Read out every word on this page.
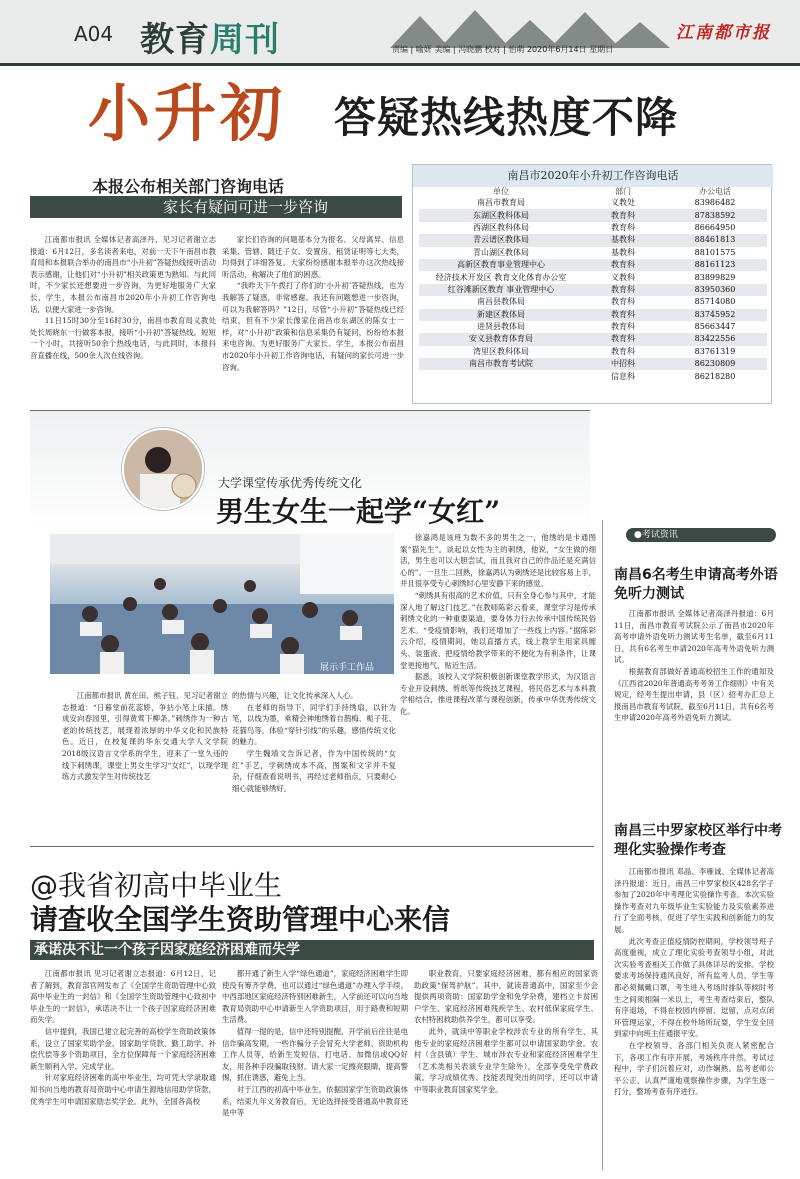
A04 教育周刊	责编 | 喻妍 美编 | 冯晓鹏 校对 | 怡萌 2020年6月14日 星期日
江南都市报
小升初 答疑热线热度不降
本报公布相关部门咨询电话
家长有疑问可进一步咨询

江南都市报讯 全媒体记者高泽丹、见习记者谢立志报道：6月12日，多名读者来电，对前一天下午南昌市教育局和本报联合举办的南昌市“小升初”答疑热线接听活动表示感谢，让他们对“小升初”相关政策更为熟知。与此同时，不少家长还想要进一步咨询，为更好地服务广大家长、学生，本报公布南昌市2020年小升初工作咨询电话，以便大家进一步咨询。

11日15时30分至16时30分，南昌市教育局义教处处长周晓东一行做客本报，接听“小升初”答疑热线。短短一个小时，共接听50余个热线电话，与此同时，本报抖音直播在线，500余人次在线咨询。

家长们咨询的问题基本分为报名、父母离异、信息采集、管辖、随迁子女、安置房、租赁证明等七大类，均得到了详细答复。大家纷纷感谢本报举办这次热线接听活动，称解决了他们的困惑。

“我昨天下午拨打了你们的‘小升初’答疑热线，也为我解答了疑惑，非常感谢。我还有问题想进一步咨询，可以为我解答吗？”12日，尽管“小升初”答疑热线已经结束，但有不少家长像家住南昌市东湖区的陈女士一样，对“小升初”政策和信息采集仍有疑问，纷纷给本报来电咨询。为更好服务广大家长、学生，本报公布南昌市2020年小升初工作咨询电话，有疑问的家长可进一步咨询。

南昌市2020年小升初工作咨询电话
单位	部门	办公电话
南昌市教育局	义教处	83986482
东湖区教科体局	教育科	87838592
西湖区教科体局	教育科	86664950
青云谱区教体局	基教科	88461813
青山湖区教体局	基教科	88101575
高新区教育事业管理中心	教育科	88161123
经济技术开发区 教育文化体育办公室	义教科	83899829
红谷滩新区教育 事业管理中心	教育科	83950360
南昌县教体局	教育科	85714080
新建区教体局	教育科	83745952
进贤县教体局	教育科	85663447
安义县教育体育局	教育科	83422556
湾里区教科体局	教育科	83761319
南昌市教育考试院	中招科	86230809
	信息科	86218280
大学课堂传承优秀传统文化
男生女生一起学“女红”
展示手工作品

徐嘉鸿是该班为数不多的男生之一，他绣的是卡通图案“猫先生”。谈起以女性为主的刺绣，他说，“女生做的细活，男生也可以大胆尝试，而且我对自己的作品还是充满信心的”。一旦生二回熟，徐嘉鸿认为刺绣还是比较容易上手，并且很享受专心刺绣时心里安静下来的感觉。

“刺绣具有很高的艺术价值，只有全身心参与其中，才能深入地了解这门技艺。”在教师陈彩云看来，课堂学习是传承刺绣文化的一种重要渠道，要身体力行去传承中国传统民俗艺术。“受疫情影响，我们还增加了一些线上内容。”据陈彩云介绍，疫情期间，她以直播方式，线上教学生用家具缠头、装蛋液、把疫情给教学带来的不便化为有利条件，让课堂更接地气、贴近生活。

据悉，该校人文学院积极创新课堂教学形式，为汉语言专业开设刺绣、剪纸等传统技艺课程，将民俗艺术与本科教学相结合，推进课程改革与课程创新，传承中华优秀传统文化。

江南都市报讯 黄在田、熊子钰、见习记者谢立志报道：“日暮堂前花蕊娇，争拈小笔上床描。绣成安向春园里，引得黄莺下柳条。”刺绣作为一种古老的传统技艺，展现着浓厚的中华文化和民族特色。近日，在校复课的华东交通大学人文学院2018级汉语言文学系的学生，迎来了一堂久违的线下刺绣课，课堂上男女生学习“女红”，以现学现练方式激发学生对传统技艺

的热情与兴趣，让文化传承深入人心。

在老师的指导下，同学们手持绣扇，以针为笔，以线为墨，乘精会神地绣着自鹊梅、栀子花、花猫鸟等，体验“穿针引线”的乐趣，感悟传统文化的魅力。

学生魏靖文告诉记者，作为中国传统的“女红”手艺，学刺绣成本不高，图案和文字并不复杂，仔细查看说明书，再经过老师指点，只要耐心细心就能够绣好。

●考试资讯
南昌6名考生申请高考外语免听力测试

江南都市报讯 全媒体记者高泽丹报道：6月11日，南昌市教育考试院公示了南昌市2020年高考申请外语免听力测试考生名单，截至6月11日，共有6名考生申请2020年高考外语免听力测试。

根据教育部做好普通高校招生工作的通知及《江西省2020年普通高考考务工作细则》中有关规定，经考生提出申请，县（区）招考办汇总上报南昌市教育考试院，截至6月11日，共有6名考生申请2020年高考外语免听力测试。

南昌三中罗家校区举行中考理化实验操作考查

江南都市报讯 邓晶、李雁诚、全媒体记者高泽丹报道：近日，南昌三中罗家校区428名学子参加了2020年中考理化实验操作考查。本次实验操作考查对九年级毕业生实验能力及实验素养进行了全面考核，促进了学生实践和创新能力的发展。

此次考查正值疫情防控期间，学校领导班子高度重视，成立了理化实验考查领导小组，对此次实验考查相关工作做了具体详尽的安排。学校要求考场保持通风良好，所有监考人员、学生等都必须佩戴口罩，考生进入考场时排队等候时考生之间须相隔一米以上，考生考查结束后，整队有序退场，不得在校园内停留、逗留，点对点闭环管理运家，不得在校外场所玩耍，学生安全回到家中向班主任通报平安。

在学校领导、各部门相关负责人紧密配合下，各项工作有序开展，考场秩序井然，考试过程中，学子们沉着应对，动作娴熟。监考老师公平公正、认真严谨地观察操作步骤，为学生逐一打分，整场考查有序进行。

@我省初高中毕业生
请查收全国学生资助管理中心来信
承诺决不让一个孩子因家庭经济困难而失学

江南都市报讯 见习记者谢立志报道：6月12日，记者了解到，教育部官网发布了《全国学生资助管理中心致高中毕业生的一封信》和《全国学生资助管理中心致初中毕业生的一封信》，承诺决不让一个孩子因家庭经济困难而失学。

信中提到，我国已建立起完善的高校学生资助政策体系，设立了国家奖助学金、国家助学贷款、勤工助学、补偿代偿等多个资助项目，全方位保障每一个家庭经济困难新生顺利入学、完成学业。

针对家庭经济困难的高中毕业生，均可凭大学录取通知书向当地的教育局资助中心申请生源地信用助学贷款，优秀学生可申请国家励志奖学金。此外，全国各高校

都开通了新生入学“绿色通道”，家庭经济困难学生即使没有筹齐学费，也可以通过“绿色通道”办理入学手续。中西部地区家庭经济特别困难新生，入学前还可以向当地教育局资助中心申请新生入学资助项目，用于路费和短期生活费。

值得一提的是，信中还特别提醒，开学前后往往是电信诈骗高发期，一些诈骗分子会冒充大学老师、资助机构工作人员等，给新生发短信、打电话、加微信或QQ好友，用各种手段骗取钱财。请大家一定擦亮眼睛，提高警惕，抓住诱惑，避免上当。

对于江西的初高中毕业生，依据国家学生资助政策体系，结束九年义务教育后，无论选择接受普通高中教育还是中等

职业教育，只要家庭经济困难，都有相应的国家资助政策“保驾护航”。其中，就读普通高中，国家至少会提供两项资助：国家助学金和免学杂费，建档立卡贫困户学生、家庭经济困难残疾学生、农村低保家庭学生、农村特困救助供养学生，都可以享受。

此外，就读中等职业学校涉农专业的所有学生、其他专业的家庭经济困难学生都可以申请国家助学金。农村（含县镇）学生、城市涉农专业和家庭经济困难学生（艺术类相关表演专业学生除外），全部享受免学费政策。学习成绩优秀、技能表现突出的同学，还可以申请中等职业教育国家奖学金。
